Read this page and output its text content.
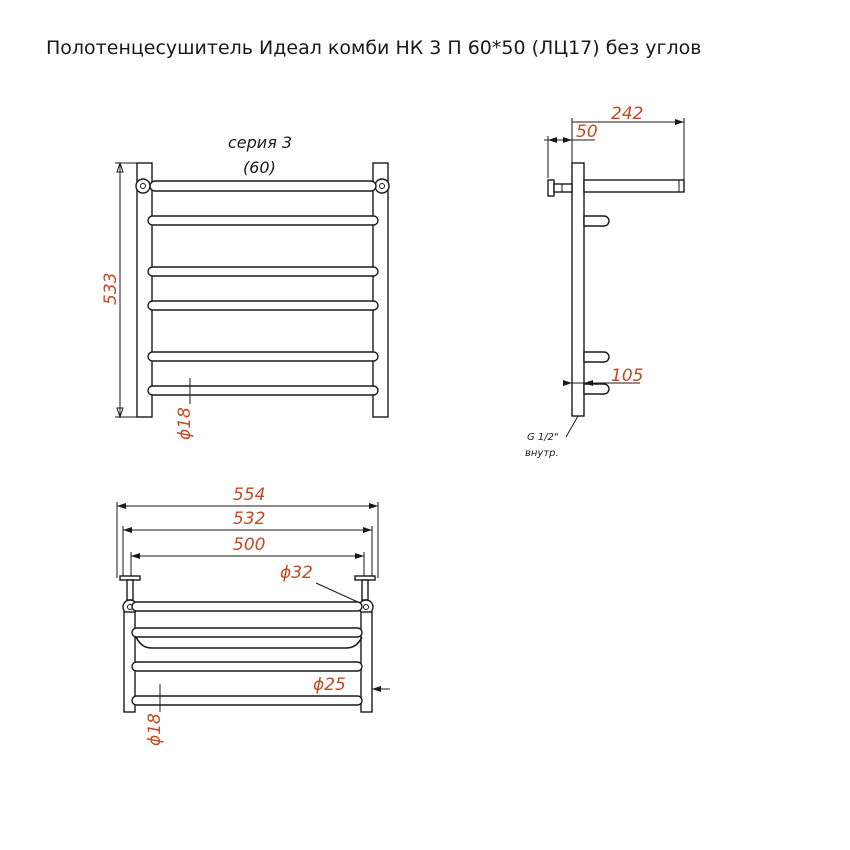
Полотенцесушитель Идеал комби НК 3 П 60*50 (ЛЦ17) без углов
533
серия 3
(60)
ϕ18
242
50
105
G 1/2"
внутр.
554
532
500
ϕ32
ϕ25
ϕ18
